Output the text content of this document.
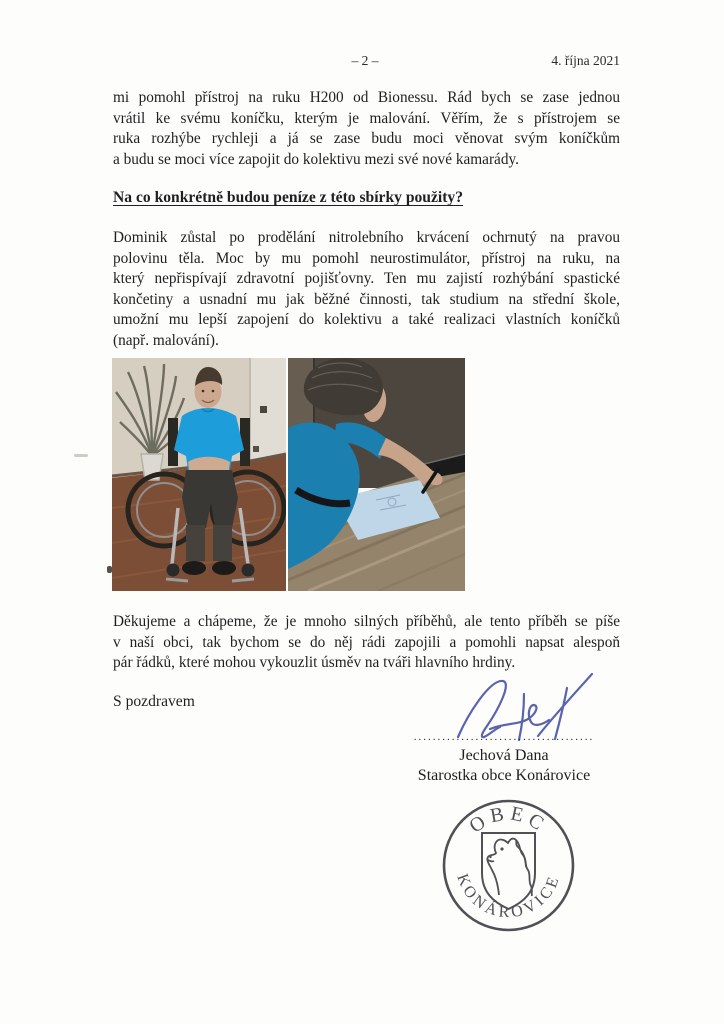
– 2 –	4. října 2021
mi pomohl přístroj na ruku H200 od Bionessu. Rád bych se zase jednou
vrátil ke svému koníčku, kterým je malování. Věřím, že s přístrojem se
ruka rozhýbe rychleji a já se zase budu moci věnovat svým koníčkům
a budu se moci více zapojit do kolektivu mezi své nové kamarády.
Na co konkrétně budou peníze z této sbírky použity?
Dominik zůstal po prodělání nitrolebního krvácení ochrnutý na pravou
polovinu těla. Moc by mu pomohl neurostimulátor, přístroj na ruku, na
který nepřispívají zdravotní pojišťovny. Ten mu zajistí rozhýbání spastické
končetiny a usnadní mu jak běžné činnosti, tak studium na střední škole,
umožní mu lepší zapojení do kolektivu a také realizaci vlastních koníčků
(např. malování).
Děkujeme a chápeme, že je mnoho silných příběhů, ale tento příběh se píše
v naší obci, tak bychom se do něj rádi zapojili a pomohli napsat alespoň
pár řádků, které mohou vykouzlit úsměv na tváři hlavního hrdiny.
S pozdravem
......................................
Jechová Dana
Starostka obce Konárovice
OBEC
KONÁROVICE
